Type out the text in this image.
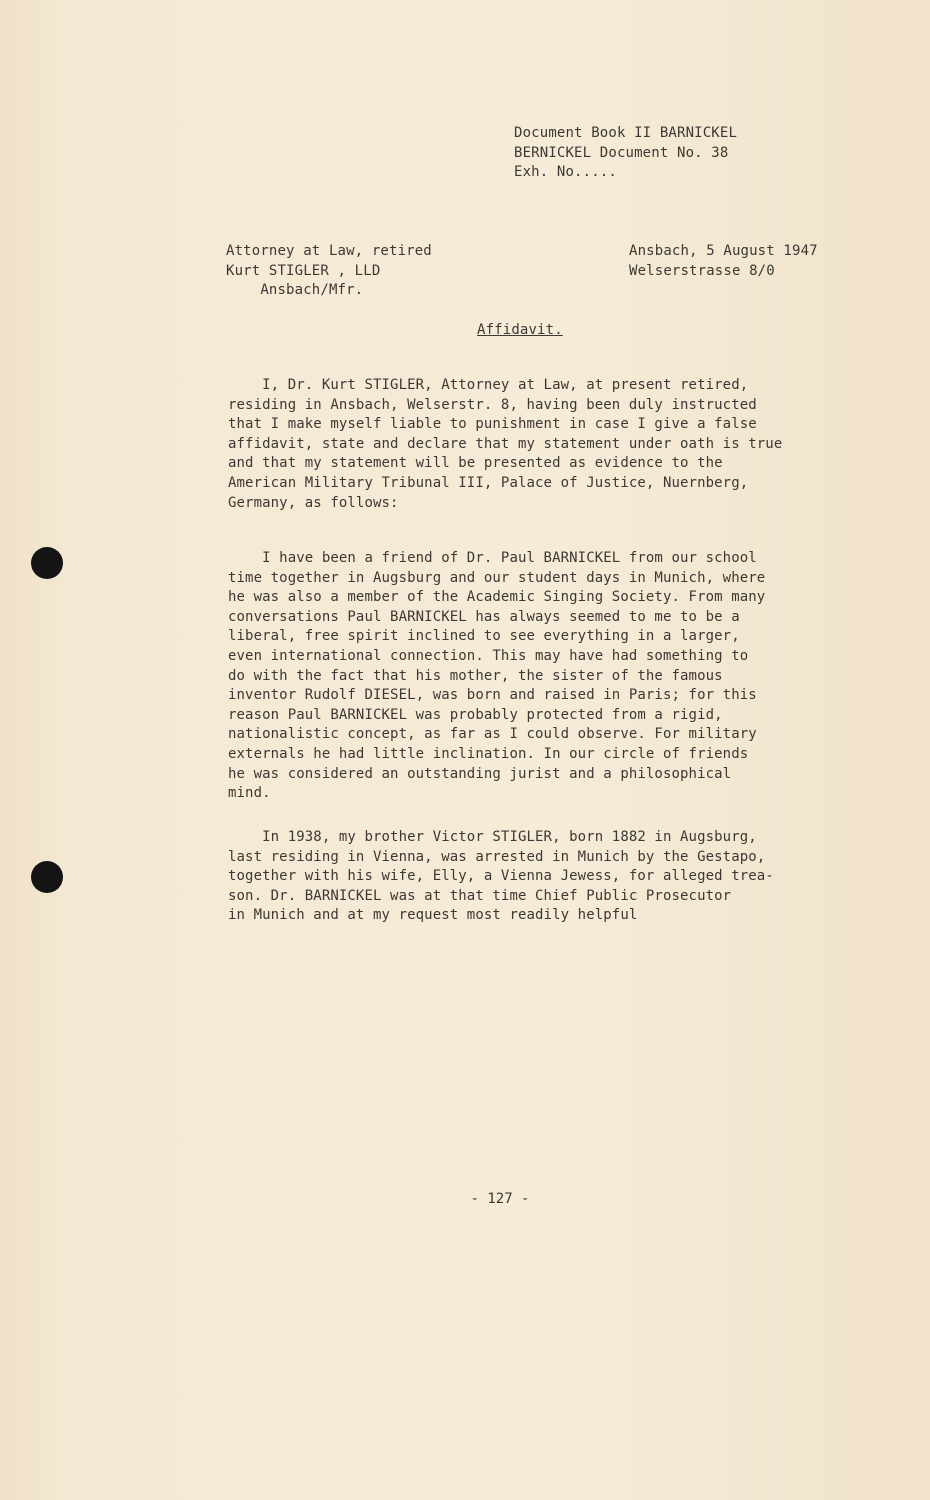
Document Book II BARNICKEL
BERNICKEL Document No. 38
Exh. No.....
Attorney at Law, retired
Kurt STIGLER , LLD
Ansbach/Mfr.
Ansbach, 5 August 1947
Welserstrasse 8/0
Affidavit.
I, Dr. Kurt STIGLER, Attorney at Law, at present retired,
residing in Ansbach, Welserstr. 8, having been duly instructed
that I make myself liable to punishment in case I give a false
affidavit, state and declare that my statement under oath is true
and that my statement will be presented as evidence to the
American Military Tribunal III, Palace of Justice, Nuernberg,
Germany, as follows:
I have been a friend of Dr. Paul BARNICKEL from our school
time together in Augsburg and our student days in Munich, where
he was also a member of the Academic Singing Society. From many
conversations Paul BARNICKEL has always seemed to me to be a
liberal, free spirit inclined to see everything in a larger,
even international connection. This may have had something to
do with the fact that his mother, the sister of the famous
inventor Rudolf DIESEL, was born and raised in Paris; for this
reason Paul BARNICKEL was probably protected from a rigid,
nationalistic concept, as far as I could observe. For military
externals he had little inclination. In our circle of friends
he was considered an outstanding jurist and a philosophical
mind.
In 1938, my brother Victor STIGLER, born 1882 in Augsburg,
last residing in Vienna, was arrested in Munich by the Gestapo,
together with his wife, Elly, a Vienna Jewess, for alleged trea-
son. Dr. BARNICKEL was at that time Chief Public Prosecutor
in Munich and at my request most readily helpful
- 127 -
